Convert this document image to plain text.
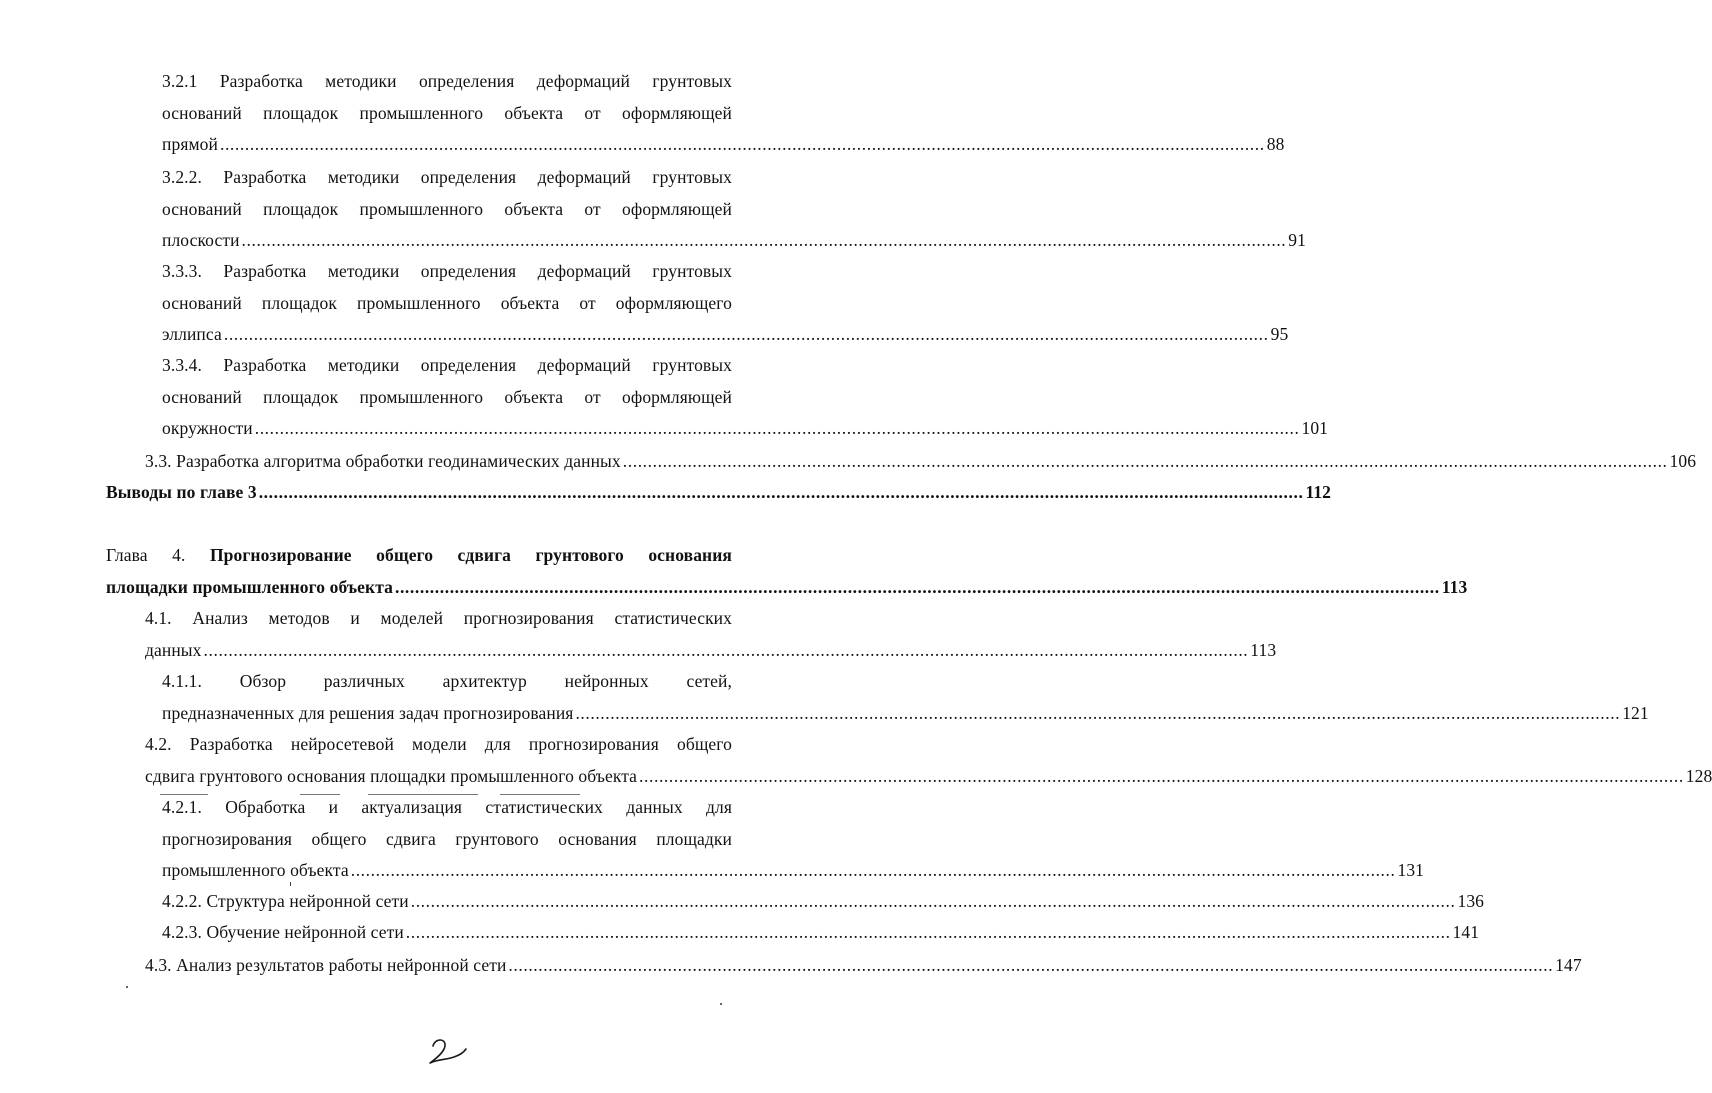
3.2.1 Разработка методики определения деформаций грунтовых
оснований площадок промышленного объекта от оформляющей
прямой .....	88
3.2.2. Разработка методики определения деформаций грунтовых
оснований площадок промышленного объекта от оформляющей
плоскости .....	91
3.3.3. Разработка методики определения деформаций грунтовых
оснований площадок промышленного объекта от оформляющего
эллипса .....	95
3.3.4. Разработка методики определения деформаций грунтовых
оснований площадок промышленного объекта от оформляющей
окружности .....	101
3.3. Разработка алгоритма обработки геодинамических данных .....	106
Выводы по главе 3 .....	112
Глава 4. Прогнозирование общего сдвига грунтового основания
площадки промышленного объекта .....	113
4.1. Анализ методов и моделей прогнозирования статистических
данных .....	113
4.1.1. Обзор различных архитектур нейронных сетей,
предназначенных для решения задач прогнозирования .....	121
4.2. Разработка нейросетевой модели для прогнозирования общего
сдвига грунтового основания площадки промышленного объекта .....	128
4.2.1. Обработка и актуализация статистических данных для
прогнозирования общего сдвига грунтового основания площадки
промышленного объекта .....	131
4.2.2. Структура нейронной сети .....	136
4.2.3. Обучение нейронной сети .....	141
4.3. Анализ результатов работы нейронной сети .....	147
